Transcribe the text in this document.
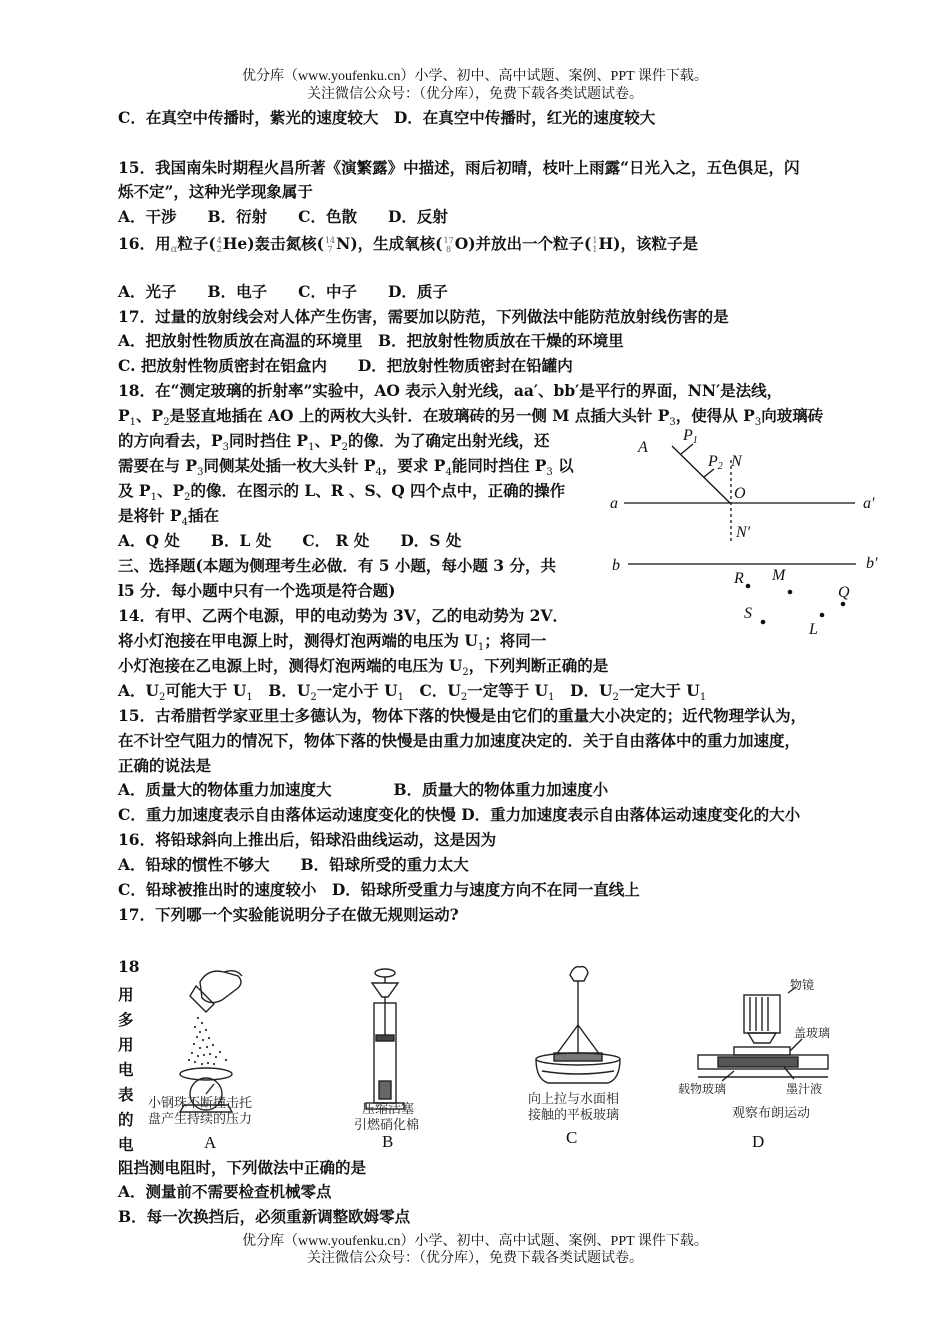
优分库（www.youfenku.cn）小学、初中、高中试题、案例、PPT 课件下载。
关注微信公众号：（优分库），免费下载各类试题试卷。
C．在真空中传播时，紫光的速度较大　D．在真空中传播时，红光的速度较大
15．我国南朱时期程火昌所著《演繁露》中描述，雨后初晴，枝叶上雨露“日光入之，五色俱足，闪
烁不定”，这种光学现象属于
A．干涉　　B．衍射　　C．色散　　D．反射
16．用α粒子( 4
2 He)轰击氮核( 14
7 N)，生成氧核( 17
8 O)并放出一个粒子( 1
1 H)，该粒子是
A．光子　　B．电子　　C．中子　　D．质子
17．过量的放射线会对人体产生伤害，需要加以防范，下列做法中能防范放射线伤害的是
A．把放射性物质放在高温的环境里　B．把放射性物质放在干燥的环境里
C. 把放射性物质密封在铝盒内　　D．把放射性物质密封在铅罐内
18．在“测定玻璃的折射率”实验中，AO 表示入射光线，aa′、bb′是平行的界面，NN′是法线，
$P_1$、$P_2$是竖直地插在 AO 上的两枚大头针．在玻璃砖的另一侧 M 点插大头针 $P_3$，使得从 $P_3$向玻璃砖
的方向看去，$P_3$同时挡住 $P_1$、$P_2$的像．为了确定出射光线，还
需要在与 $P_3$同侧某处插一枚大头针 $P_4$，要求 $P_4$能同时挡住 $P_3$ 以
及 $P_1$、$P_2$的像．在图示的 L、R 、S、Q 四个点中，正确的操作
是将针 $P_4$插在
A．Q 处　　B．L 处　　C． R 处　　D．S 处
三、选择题(本题为侧理考生必做．有 5 小题，每小题 3 分，共
l5 分．每小题中只有一个选项是符合题)
14．有甲、乙两个电源，甲的电动势为 3V，乙的电动势为 2V．
将小灯泡接在甲电源上时，测得灯泡两端的电压为 $U_1$；将同一
小灯泡接在乙电源上时，测得灯泡两端的电压为 $U_2$，下列判断正确的是
A．$U_2$可能大于 $U_1$　B．$U_2$一定小于 $U_1$　C．$U_2$一定等于 $U_1$　D．$U_2$一定大于 $U_1$
15．古希腊哲学家亚里士多德认为，物体下落的快慢是由它们的重量大小决定的；近代物理学认为，
在不计空气阻力的情况下，物体下落的快慢是由重力加速度决定的．关于自由落体中的重力加速度，
正确的说法是
A．质量大的物体重力加速度大　　　　B．质量大的物体重力加速度小
C．重力加速度表示自由落体运动速度变化的快慢 D．重力加速度表示自由落体运动速度变化的大小
16．将铅球斜向上推出后，铅球沿曲线运动，这是因为
A．铅球的惯性不够大　　B．铅球所受的重力太大
C．铅球被推出时的速度较小　D．铅球所受重力与速度方向不在同一直线上
17．下列哪一个实验能说明分子在做无规则运动?
18
用
多
用
电
表
的
电
阻挡测电阻时，下列做法中正确的是
A．测量前不需要检查机械零点
B．每一次换挡后，必须重新调整欧姆零点
优分库（www.youfenku.cn）小学、初中、高中试题、案例、PPT 课件下载。
关注微信公众号：（优分库），免费下载各类试题试卷。
A
P1
P2 N
O
a	a′
N′
b	b′
R M
Q
S
L
小钢珠不断撞击托
盘产生持续的压力
A
压缩活塞
引燃硝化棉
B
向上拉与水面相
接触的平板玻璃
C
物镜
盖玻璃
载物玻璃	墨汁液
观察布朗运动
D
